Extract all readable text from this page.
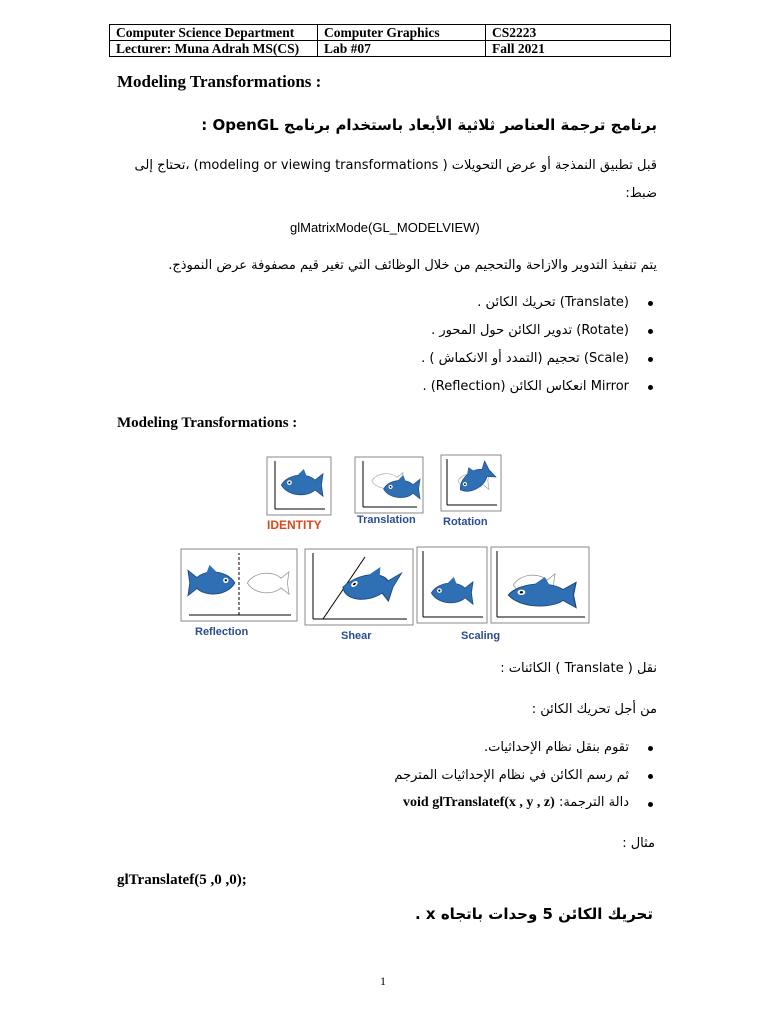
Computer Science Department	Computer Graphics	CS2223
Lecturer: Muna Adrah MS(CS)	Lab #07	Fall 2021
Modeling Transformations :
برنامج ترجمة العناصر ثلاثية الأبعاد باستخدام برنامج OpenGL :
قبل تطبيق النمذجة أو عرض التحويلات ( modeling or viewing transformations) ،تحتاج إلى
ضبط:
glMatrixMode(GL_MODELVIEW)
يتم تنفيذ التدوير والازاحة والتحجيم من خلال الوظائف التي تغير قيم مصفوفة عرض النموذج.
(Translate) تحريك الكائن .
(Rotate) تدوير الكائن حول المحور .
(Scale) تحجيم (التمدد أو الانكماش ) .
Mirror انعكاس الكائن (Reflection) .
Modeling Transformations :
IDENTITY	Translation Rotation
Reflection	Shear	Scaling
نقل ( Translate ) الكائنات :
من أجل تحريك الكائن :
تقوم بنقل نظام الإحداثيات.
ثم رسم الكائن في نظام الإحداثيات المترجم
دالة الترجمة: void glTranslatef(x , y , z)
مثال :
glTranslatef(5 ,0 ,0);
تحريك الكائن 5 وحدات باتجاه x .
1
